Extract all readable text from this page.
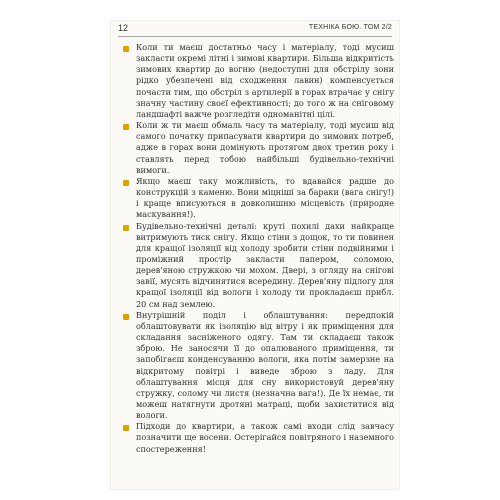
12	ТЕХНІКА БОЮ. ТОМ 2/2
Коли ти маєш достатньо часу і матеріалу, тоді мусиш закласти окремі літні і зимові квартири. Більша відкритість зимових квартир до вогню (недоступні для обстрілу зони рідко убезпечені від сходження лавин) компенсується почасти тим, що обстріл з артилерії в горах втрачає у снігу значну частину своєї ефективності; до того ж на сніговому ландшафті важче розгледіти одноманітні цілі.
Коли ж ти маєш обмаль часу та матеріалу, тоді мусиш від самого початку припасувати квартири до зимових потреб, адже в горах вони домінують протягом двох третин року і ставлять перед тобою найбільші будівельно-технічні вимоги.
Якщо маєш таку можливість, то вдавайся радше до конструкцій з каменю. Вони міцніші за бараки (вага снігу!) і краще вписуються в довколишню місцевість (природне маскування!).
Будівельно-технічні деталі: круті похилі дахи найкраще витримують тиск снігу. Якщо стіни з дощок, то ти повинен для кращої ізоляції від холоду зробити стіни подвійними і проміжний простір закласти папером, соломою, дерев'яною стружкою чи мохом. Двері, з огляду на снігові завії, мусять відчинятися всередину. Дерев'яну підлогу для кращої ізоляції від вологи і холоду ти прокладаєш прибл. 20 см над землею.
Внутрішній поділ і облаштування: передпокій облаштовувати як ізоляцію від вітру і як приміщення для складання засніженого одягу. Там ти складаєш також зброю. Не заносячи її до опалюваного приміщення, ти запобігаєш конденсуванню вологи, яка потім замерзне на відкритому повітрі і виведе зброю з ладу. Для облаштування місця для сну використовуй дерев'яну стружку, солому чи листя (незначна вага!). Де їх немає, ти можеш натягнути дротяні матраці, щоби захиститися від вологи.
Підходи до квартири, а також самі входи слід завчасу позначити ще восени. Остерігайся повітряного і наземного спостереження!
